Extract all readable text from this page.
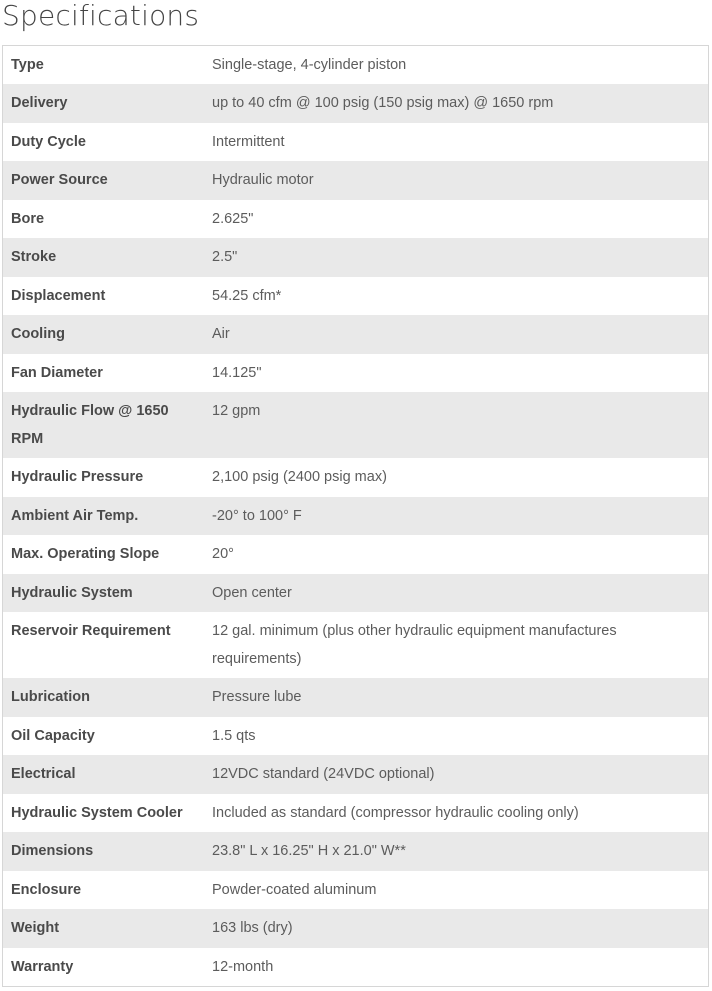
Specifications
Type	Single-stage, 4-cylinder piston
Delivery	up to 40 cfm @ 100 psig (150 psig max) @ 1650 rpm
Duty Cycle	Intermittent
Power Source	Hydraulic motor
Bore	2.625"
Stroke	2.5"
Displacement	54.25 cfm*
Cooling	Air
Fan Diameter	14.125"
Hydraulic Flow @ 1650 RPM	12 gpm
Hydraulic Pressure	2,100 psig (2400 psig max)
Ambient Air Temp.	-20° to 100° F
Max. Operating Slope	20°
Hydraulic System	Open center
Reservoir Requirement	12 gal. minimum (plus other hydraulic equipment manufactures requirements)
Lubrication	Pressure lube
Oil Capacity	1.5 qts
Electrical	12VDC standard (24VDC optional)
Hydraulic System Cooler	Included as standard (compressor hydraulic cooling only)
Dimensions	23.8" L x 16.25" H x 21.0" W**
Enclosure	Powder-coated aluminum
Weight	163 lbs (dry)
Warranty	12-month
